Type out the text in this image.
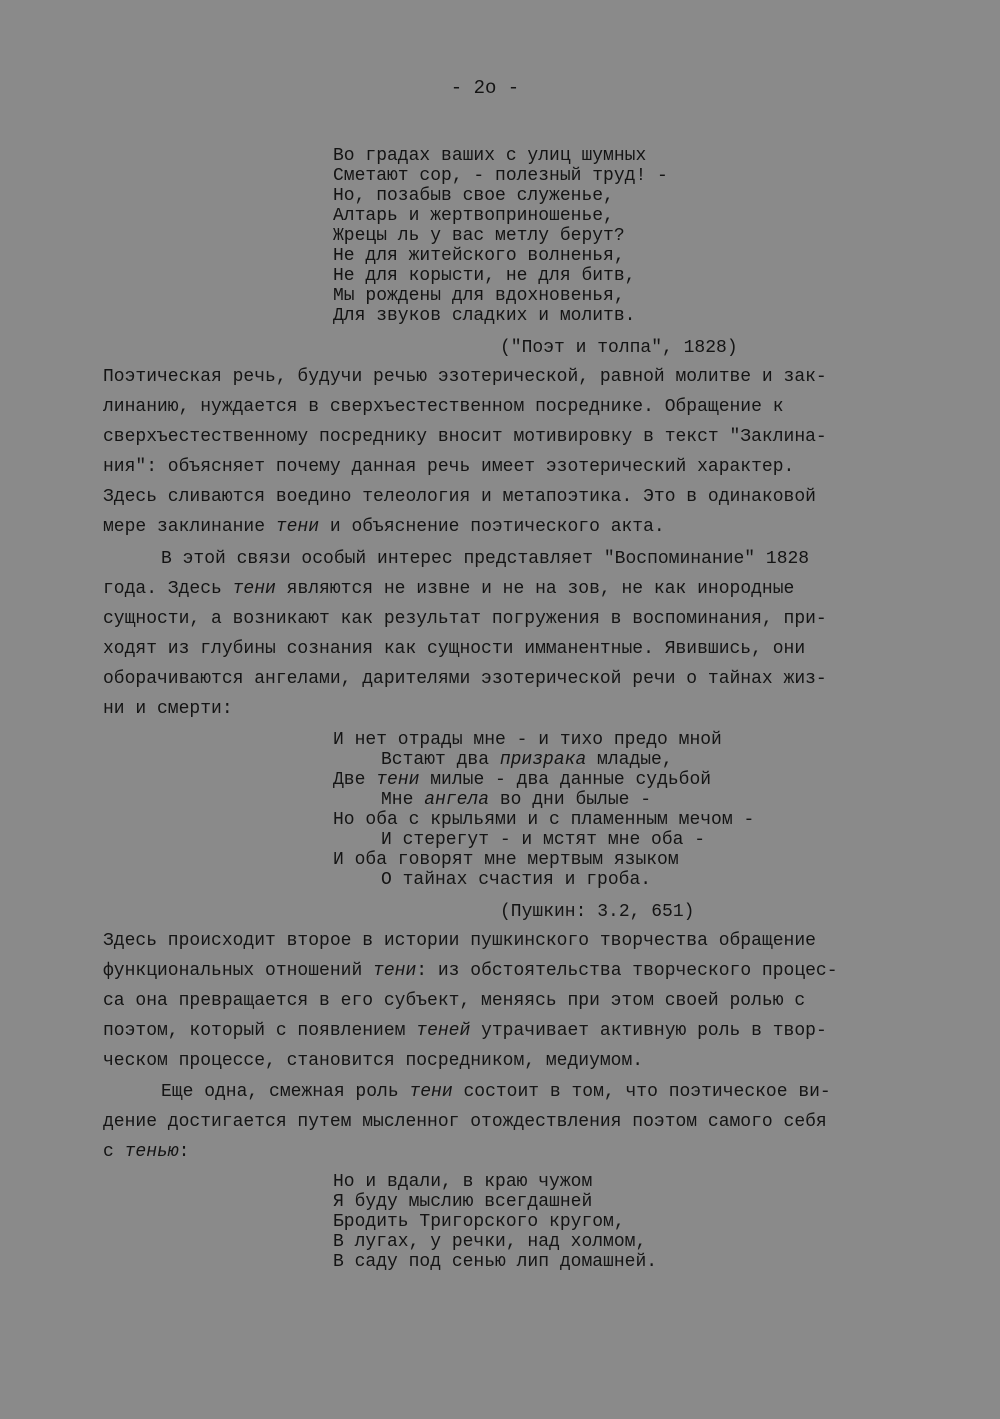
- 2o -
Во градах ваших с улиц шумных
Сметают сор, - полезный труд! -
Но, позабыв свое служенье,
Алтарь и жертвоприношенье,
Жрецы ль у вас метлу берут?
Не для житейского волненья,
Не для корысти, не для битв,
Мы рождены для вдохновенья,
Для звуков сладких и молитв.
("Поэт и толпа", 1828)
Поэтическая речь, будучи речью эзотерической, равной молитве и зак-
линанию, нуждается в сверхъестественном посреднике. Обращение к
сверхъестественному посреднику вносит мотивировку в текст "Заклина-
ния": объясняет почему данная речь имеет эзотерический характер.
Здесь сливаются воедино телеология и метапоэтика. Это в одинаковой
мере заклинание тени и объяснение поэтического акта.
В этой связи особый интерес представляет "Воспоминание" 1828
года. Здесь тени являются не извне и не на зов, не как инородные
сущности, а возникают как результат погружения в воспоминания, при-
ходят из глубины сознания как сущности имманентные. Явившись, они
оборачиваются ангелами, дарителями эзотерической речи о тайнах жиз-
ни и смерти:
И нет отрады мне - и тихо предо мной
Встают два призрака младые,
Две тени милые - два данные судьбой
Мне ангела во дни былые -
Но оба с крыльями и с пламенным мечом -
И стерегут - и мстят мне оба -
И оба говорят мне мертвым языком
О тайнах счастия и гроба.
(Пушкин: 3.2, 651)
Здесь происходит второе в истории пушкинского творчества обращение
функциональных отношений тени: из обстоятельства творческого процес-
са она превращается в его субъект, меняясь при этом своей ролью с
поэтом, который с появлением теней утрачивает активную роль в твор-
ческом процессе, становится посредником, медиумом.
Еще одна, смежная роль тени состоит в том, что поэтическое ви-
дение достигается путем мысленног отождествления поэтом самого себя
с тенью:
Но и вдали, в краю чужом
Я буду мыслию всегдашней
Бродить Тригорского кругом,
В лугах, у речки, над холмом,
В саду под сенью лип домашней.
